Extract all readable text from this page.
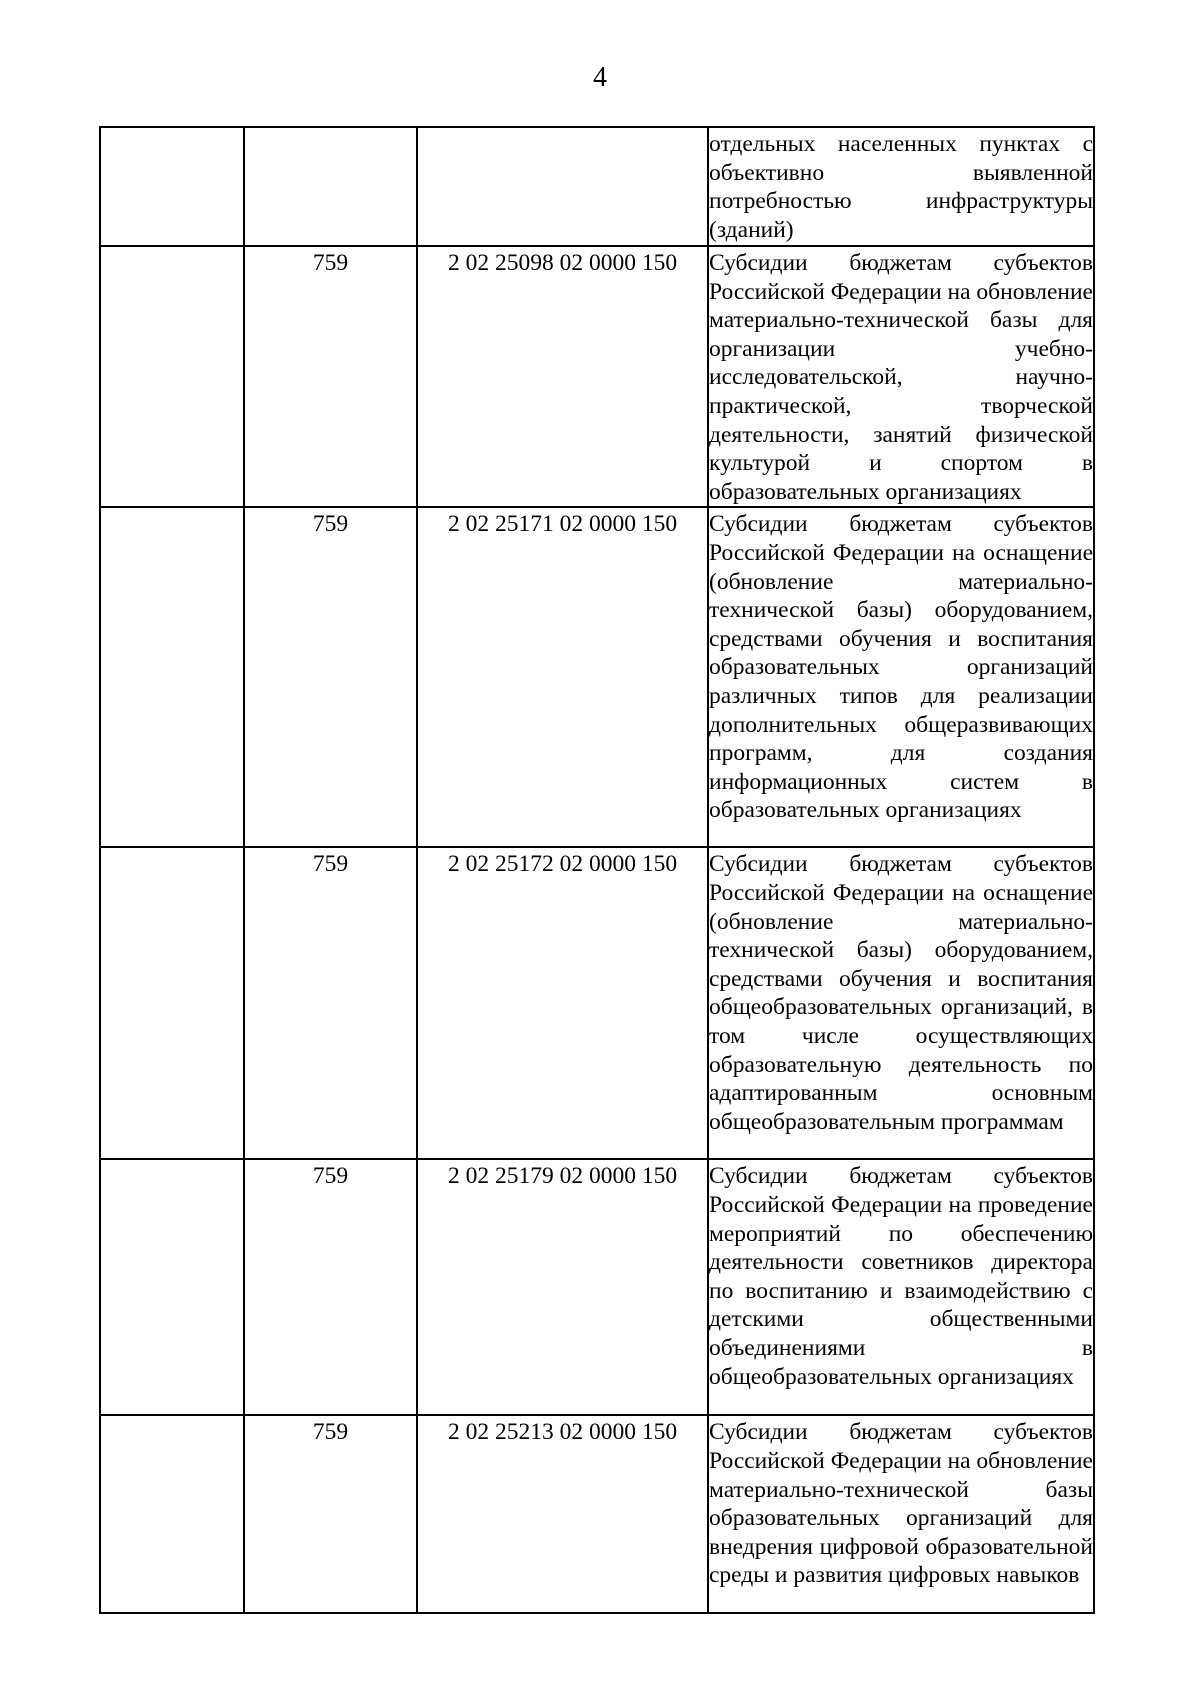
4

			отдельных населенных пунктах с объективно выявленной потребностью инфраструктуры (зданий)

	759	2 02 25098 02 0000 150	Субсидии бюджетам субъектов Российской Федерации на обновление материально-технической базы для организации учебно-исследовательской, научно-практической, творческой деятельности, занятий физической культурой и спортом в образовательных организациях

	759	2 02 25171 02 0000 150	Субсидии бюджетам субъектов Российской Федерации на оснащение (обновление материально-технической базы) оборудованием, средствами обучения и воспитания образовательных организаций различных типов для реализации дополнительных общеразвивающих программ, для создания информационных систем в образовательных организациях

	759	2 02 25172 02 0000 150	Субсидии бюджетам субъектов Российской Федерации на оснащение (обновление материально-технической базы) оборудованием, средствами обучения и воспитания общеобразовательных организаций, в том числе осуществляющих образовательную деятельность по адаптированным основным общеобразовательным программам

	759	2 02 25179 02 0000 150	Субсидии бюджетам субъектов Российской Федерации на проведение мероприятий по обеспечению деятельности советников директора по воспитанию и взаимодействию с детскими общественными объединениями в общеобразовательных организациях

	759	2 02 25213 02 0000 150	Субсидии бюджетам субъектов Российской Федерации на обновление материально-технической базы образовательных организаций для внедрения цифровой образовательной среды и развития цифровых навыков
